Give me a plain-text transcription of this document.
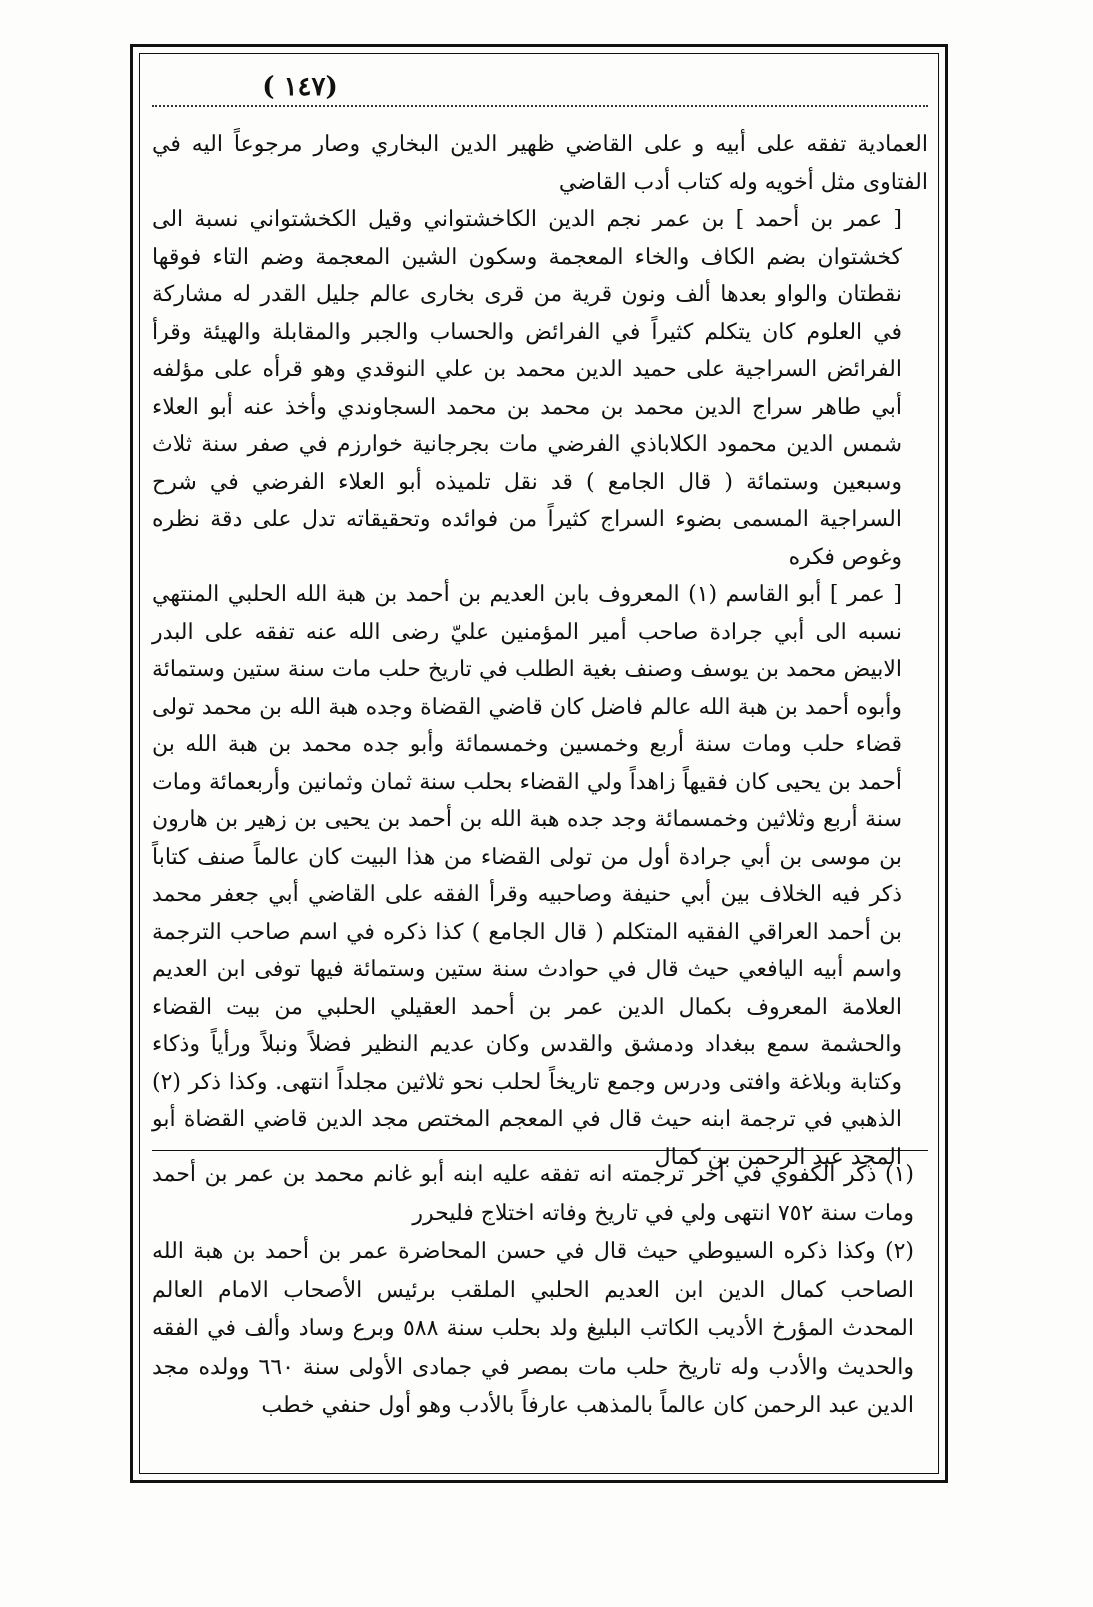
( ١٤٧)

العمادية تفقه على أبيه و على القاضي ظهير الدين البخاري وصار مرجوعاً اليه في الفتاوى مثل أخويه وله كتاب أدب القاضي

[ عمر بن أحمد ] بن عمر نجم الدين الكاخشتواني وقيل الكخشتواني نسبة الى كخشتوان بضم الكاف والخاء المعجمة وسكون الشين المعجمة وضم التاء فوقها نقطتان والواو بعدها ألف ونون قرية من قرى بخارى عالم جليل القدر له مشاركة في العلوم كان يتكلم كثيراً في الفرائض والحساب والجبر والمقابلة والهيئة وقرأ الفرائض السراجية على حميد الدين محمد بن علي النوقدي وهو قرأه على مؤلفه أبي طاهر سراج الدين محمد بن محمد بن محمد السجاوندي وأخذ عنه أبو العلاء شمس الدين محمود الكلاباذي الفرضي مات بجرجانية خوارزم في صفر سنة ثلاث وسبعين وستمائة ( قال الجامع ) قد نقل تلميذه أبو العلاء الفرضي في شرح السراجية المسمى بضوء السراج كثيراً من فوائده وتحقيقاته تدل على دقة نظره وغوص فكره

[ عمر ] أبو القاسم (١) المعروف بابن العديم بن أحمد بن هبة الله الحلبي المنتهي نسبه الى أبي جرادة صاحب أمير المؤمنين عليّ رضى الله عنه تفقه على البدر الابيض محمد بن يوسف وصنف بغية الطلب في تاريخ حلب مات سنة ستين وستمائة وأبوه أحمد بن هبة الله عالم فاضل كان قاضي القضاة وجده هبة الله بن محمد تولى قضاء حلب ومات سنة أربع وخمسين وخمسمائة وأبو جده محمد بن هبة الله بن أحمد بن يحيى كان فقيهاً زاهداً ولي القضاء بحلب سنة ثمان وثمانين وأربعمائة ومات سنة أربع وثلاثين وخمسمائة وجد جده هبة الله بن أحمد بن يحيى بن زهير بن هارون بن موسى بن أبي جرادة أول من تولى القضاء من هذا البيت كان عالماً صنف كتاباً ذكر فيه الخلاف بين أبي حنيفة وصاحبيه وقرأ الفقه على القاضي أبي جعفر محمد بن أحمد العراقي الفقيه المتكلم ( قال الجامع ) كذا ذكره في اسم صاحب الترجمة واسم أبيه اليافعي حيث قال في حوادث سنة ستين وستمائة فيها توفى ابن العديم العلامة المعروف بكمال الدين عمر بن أحمد العقيلي الحلبي من بيت القضاء والحشمة سمع ببغداد ودمشق والقدس وكان عديم النظير فضلاً ونبلاً ورأياً وذكاء وكتابة وبلاغة وافتى ودرس وجمع تاريخاً لحلب نحو ثلاثين مجلداً انتهى. وكذا ذكر (٢) الذهبي في ترجمة ابنه حيث قال في المعجم المختص مجد الدين قاضي القضاة أبو المجد عبد الرحمن بن كمال

(١) ذكر الكفوي في آخر ترجمته انه تفقه عليه ابنه أبو غانم محمد بن عمر بن أحمد ومات سنة ٧٥٢ انتهى ولي في تاريخ وفاته اختلاج فليحرر

(٢) وكذا ذكره السيوطي حيث قال في حسن المحاضرة عمر بن أحمد بن هبة الله الصاحب كمال الدين ابن العديم الحلبي الملقب برئيس الأصحاب الامام العالم المحدث المؤرخ الأديب الكاتب البليغ ولد بحلب سنة ٥٨٨ وبرع وساد وألف في الفقه والحديث والأدب وله تاريخ حلب مات بمصر في جمادى الأولى سنة ٦٦٠ وولده مجد الدين عبد الرحمن كان عالماً بالمذهب عارفاً بالأدب وهو أول حنفي خطب
